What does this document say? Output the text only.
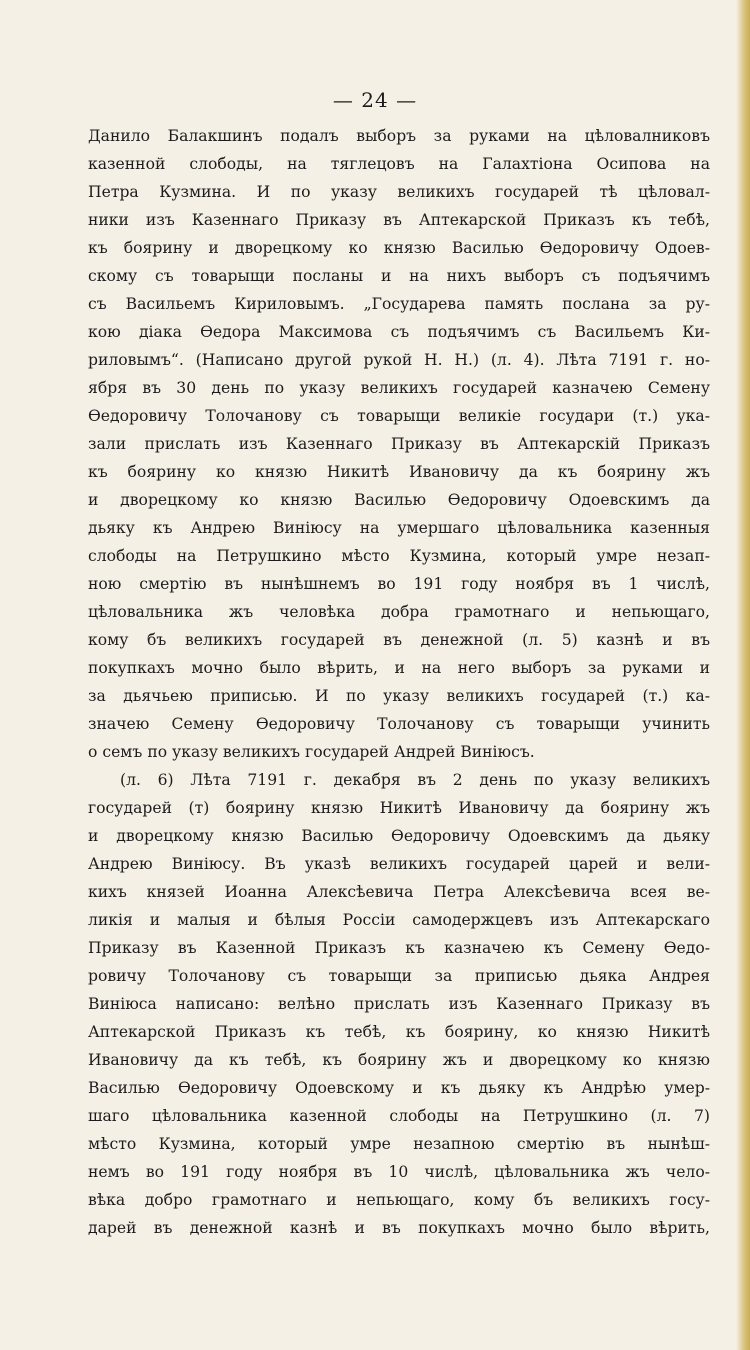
— 24 —
Данило Балакшинъ подалъ выборъ за руками на цѣловалниковъ
казенной слободы, на тяглецовъ на Галахтіона Осипова на
Петра Кузмина. И по указу великихъ государей тѣ цѣловал-
ники изъ Казеннаго Приказу въ Аптекарской Приказъ къ тебѣ,
къ боярину и дворецкому ко князю Василью Ѳедоровичу Одоев-
скому съ товарыщи посланы и на нихъ выборъ съ подъячимъ
съ Васильемъ Кириловымъ. „Государева память послана за ру-
кою діака Ѳедора Максимова съ подъячимъ съ Васильемъ Ки-
риловымъ“. (Написано другой рукой Н. Н.) (л. 4). Лѣта 7191 г. но-
ября въ 30 день по указу великихъ государей казначею Семену
Ѳедоровичу Толочанову съ товарыщи великіе государи (т.) ука-
зали прислать изъ Казеннаго Приказу въ Аптекарскій Приказъ
къ боярину ко князю Никитѣ Ивановичу да къ боярину жъ
и дворецкому ко князю Василью Ѳедоровичу Одоевскимъ да
дьяку къ Андрею Виніюсу на умершаго цѣловальника казенныя
слободы на Петрушкино мѣсто Кузмина, который умре незап-
ною смертію въ нынѣшнемъ во 191 году ноября въ 1 числѣ,
цѣловальника жъ человѣка добра грамотнаго и непьющаго,
кому бъ великихъ государей въ денежной (л. 5) казнѣ и въ
покупкахъ мочно было вѣрить, и на него выборъ за руками и
за дьячьею приписью. И по указу великихъ государей (т.) ка-
значею Семену Ѳедоровичу Толочанову съ товарыщи учинить
о семъ по указу великихъ государей Андрей Виніюсъ.
(л. 6) Лѣта 7191 г. декабря въ 2 день по указу великихъ
государей (т) боярину князю Никитѣ Ивановичу да боярину жъ
и дворецкому князю Василью Ѳедоровичу Одоевскимъ да дьяку
Андрею Виніюсу. Въ указѣ великихъ государей царей и вели-
кихъ князей Иоанна Алексѣевича Петра Алексѣевича всея ве-
ликія и малыя и бѣлыя Россіи самодержцевъ изъ Аптекарскаго
Приказу въ Казенной Приказъ къ казначею къ Семену Ѳедо-
ровичу Толочанову съ товарыщи за приписью дьяка Андрея
Виніюса написано: велѣно прислать изъ Казеннаго Приказу въ
Аптекарской Приказъ къ тебѣ, къ боярину, ко князю Никитѣ
Ивановичу да къ тебѣ, къ боярину жъ и дворецкому ко князю
Василью Ѳедоровичу Одоевскому и къ дьяку къ Андрѣю умер-
шаго цѣловальника казенной слободы на Петрушкино (л. 7)
мѣсто Кузмина, который умре незапною смертію въ нынѣш-
немъ во 191 году ноября въ 10 числѣ, цѣловальника жъ чело-
вѣка добро грамотнаго и непьющаго, кому бъ великихъ госу-
дарей въ денежной казнѣ и въ покупкахъ мочно было вѣрить,
